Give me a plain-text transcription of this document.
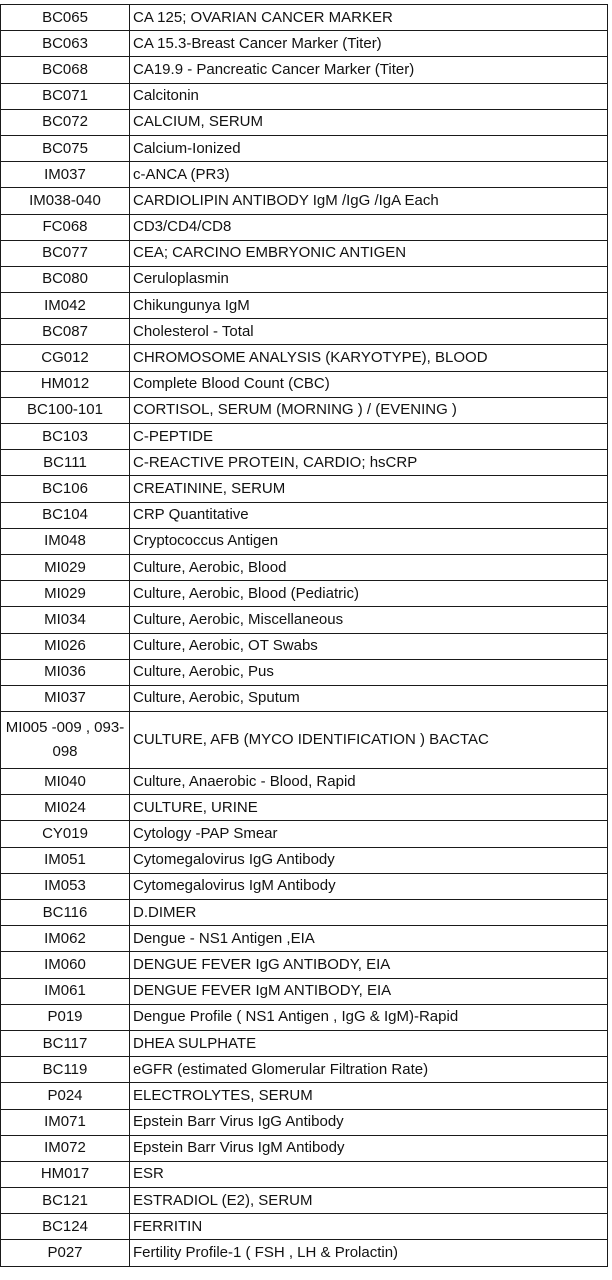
BC065	CA 125; OVARIAN CANCER MARKER
BC063	CA 15.3-Breast Cancer Marker (Titer)
BC068	CA19.9 - Pancreatic Cancer Marker (Titer)
BC071	Calcitonin
BC072	CALCIUM, SERUM
BC075	Calcium-Ionized
IM037	c-ANCA (PR3)
IM038-040	CARDIOLIPIN ANTIBODY IgM /IgG /IgA Each
FC068	CD3/CD4/CD8
BC077	CEA; CARCINO EMBRYONIC ANTIGEN
BC080	Ceruloplasmin
IM042	Chikungunya IgM
BC087	Cholesterol - Total
CG012	CHROMOSOME ANALYSIS (KARYOTYPE), BLOOD
HM012	Complete Blood Count (CBC)
BC100-101	CORTISOL, SERUM (MORNING ) / (EVENING )
BC103	C-PEPTIDE
BC111	C-REACTIVE PROTEIN, CARDIO; hsCRP
BC106	CREATININE, SERUM
BC104	CRP Quantitative
IM048	Cryptococcus Antigen
MI029	Culture, Aerobic, Blood
MI029	Culture, Aerobic, Blood (Pediatric)
MI034	Culture, Aerobic, Miscellaneous
MI026	Culture, Aerobic, OT Swabs
MI036	Culture, Aerobic, Pus
MI037	Culture, Aerobic, Sputum
MI005 -009 , 093- 098	CULTURE, AFB (MYCO IDENTIFICATION ) BACTAC
MI040	Culture, Anaerobic - Blood, Rapid
MI024	CULTURE, URINE
CY019	Cytology -PAP Smear
IM051	Cytomegalovirus IgG Antibody
IM053	Cytomegalovirus IgM Antibody
BC116	D.DIMER
IM062	Dengue - NS1 Antigen ,EIA
IM060	DENGUE FEVER IgG ANTIBODY, EIA
IM061	DENGUE FEVER IgM ANTIBODY, EIA
P019	Dengue Profile ( NS1 Antigen , IgG & IgM)-Rapid
BC117	DHEA SULPHATE
BC119	eGFR (estimated Glomerular Filtration Rate)
P024	ELECTROLYTES, SERUM
IM071	Epstein Barr Virus IgG Antibody
IM072	Epstein Barr Virus IgM Antibody
HM017	ESR
BC121	ESTRADIOL (E2), SERUM
BC124	FERRITIN
P027	Fertility Profile-1 ( FSH , LH & Prolactin)
